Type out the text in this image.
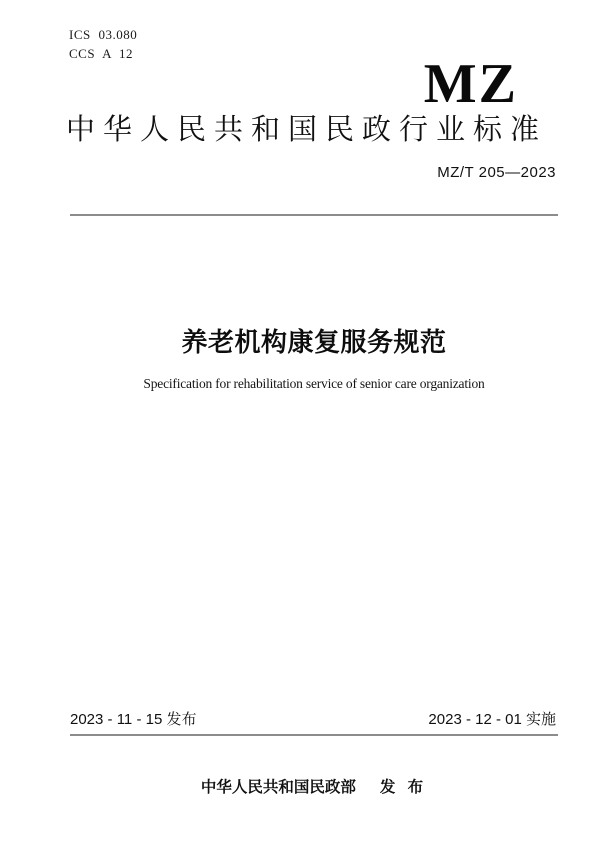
ICS 03.080
CCS A 12	MZ
中华人民共和国民政行业标准
MZ/T 205—2023
养老机构康复服务规范
Specification for rehabilitation service of senior care organization
2023 - 11 - 15 发布	2023 - 12 - 01 实施
中华人民共和国民政部 发 布
